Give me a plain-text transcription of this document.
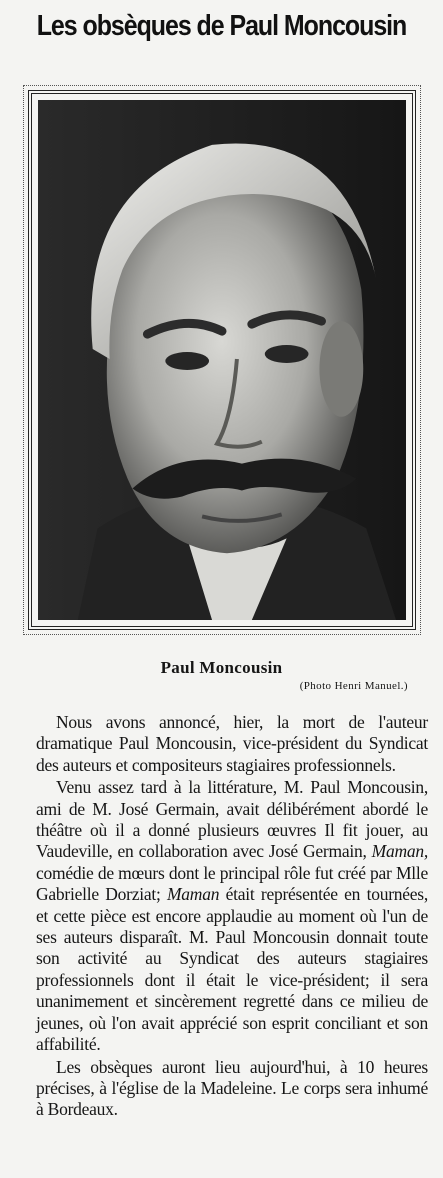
Les obsèques de Paul Moncousin
Paul Moncousin
(Photo Henri Manuel.)

Nous avons annoncé, hier, la mort de l'auteur dramatique Paul Moncousin, vice-président du Syndicat des auteurs et compositeurs stagiaires professionnels.

Venu assez tard à la littérature, M. Paul Moncousin, ami de M. José Germain, avait délibérément abordé le théâtre où il a donné plusieurs œuvres Il fit jouer, au Vaudeville, en collaboration avec José Germain, Maman, comédie de mœurs dont le principal rôle fut créé par Mlle Gabrielle Dorziat; Maman était représentée en tournées, et cette pièce est encore applaudie au moment où l'un de ses auteurs disparaît. M. Paul Moncousin donnait toute son activité au Syndicat des auteurs stagiaires professionnels dont il était le vice-président; il sera unanimement et sincèrement regretté dans ce milieu de jeunes, où l'on avait apprécié son esprit conciliant et son affabilité.

Les obsèques auront lieu aujourd'hui, à 10 heures précises, à l'église de la Madeleine. Le corps sera inhumé à Bordeaux.
